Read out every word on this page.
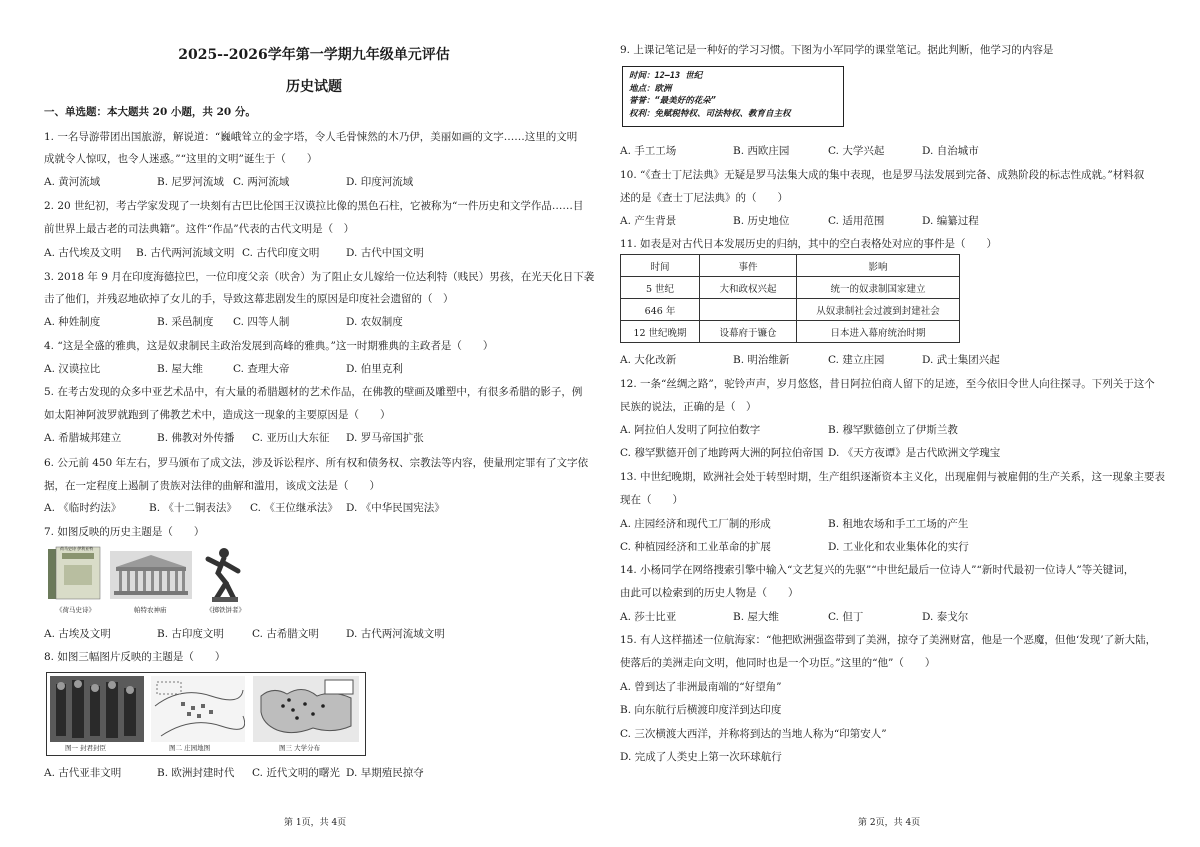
2025--2026学年第一学期九年级单元评估
历史试题
一、单选题：本大题共 20 小题，共 20 分。
1. 一名导游带团出国旅游，解说道：“巍峨耸立的金字塔，令人毛骨悚然的木乃伊，美丽如画的文字……这里的文明
成就令人惊叹，也令人迷惑。”“这里的文明”诞生于（　　）
A. 黄河流域	B. 尼罗河流域 C. 两河流域	D. 印度河流域
2. 20 世纪初，考古学家发现了一块刻有古巴比伦国王汉谟拉比像的黑色石柱，它被称为“一件历史和文学作品……目
前世界上最古老的司法典籍”。这件“作品”代表的古代文明是（　）
A. 古代埃及文明 B. 古代两河流域文明 C. 古代印度文明	D. 古代中国文明
3. 2018 年 9 月在印度海德拉巴，一位印度父亲（吠舍）为了阻止女儿嫁给一位达利特（贱民）男孩，在光天化日下袭
击了他们，并残忍地砍掉了女儿的手，导致这幕悲剧发生的原因是印度社会遗留的（　）
A. 种姓制度	B. 采邑制度 C. 四等人制	D. 农奴制度
4. “这是全盛的雅典，这是奴隶制民主政治发展到高峰的雅典。”这一时期雅典的主政者是（　　）
A. 汉谟拉比	B. 屋大维	C. 查理大帝	D. 伯里克利
5. 在考古发现的众多中亚艺术品中，有大量的希腊题材的艺术作品，在佛教的壁画及雕塑中，有很多希腊的影子，例
如太阳神阿波罗就跑到了佛教艺术中，造成这一现象的主要原因是（　　）
A. 希腊城邦建立	B. 佛教对外传播 C. 亚历山大东征 D. 罗马帝国扩张
6. 公元前 450 年左右，罗马颁布了成文法，涉及诉讼程序、所有权和债务权、宗教法等内容，使量刑定罪有了文字依
据，在一定程度上遏制了贵族对法律的曲解和滥用，该成文法是（　　）
A. 《临时约法》	B. 《十二铜表法》 C. 《王位继承法》 D. 《中华民国宪法》
7. 如图反映的历史主题是（　　）
荷马史诗 伊利亚特
《荷马史诗》	帕特农神庙	《掷铁饼者》
A. 古埃及文明	B. 古印度文明	C. 古希腊文明	D. 古代两河流域文明
8. 如图三幅图片反映的主题是（　　）
图一 封君封臣	图二 庄园地图	图三 大学分布
A. 古代亚非文明	B. 欧洲封建时代 C. 近代文明的曙光 D. 早期殖民掠夺
第 1页，共 4页
9. 上课记笔记是一种好的学习习惯。下图为小军同学的课堂笔记。据此判断，他学习的内容是
时间：12—13 世纪
地点：欧洲
誉誉：“最美好的花朵”
权利：免赋税特权、司法特权、教育自主权
A. 手工工场	B. 西欧庄园	C. 大学兴起	D. 自治城市
10. “《查士丁尼法典》无疑是罗马法集大成的集中表现，也是罗马法发展到完备、成熟阶段的标志性成就。”材料叙
述的是《查士丁尼法典》的（　　）
A. 产生背景	B. 历史地位	C. 适用范围	D. 编纂过程
11. 如表是对古代日本发展历史的归纳，其中的空白表格处对应的事件是（　　）
时间	事件	影响
5 世纪	大和政权兴起	统一的奴隶制国家建立
646 年		从奴隶制社会过渡到封建社会
12 世纪晚期	设幕府于镰仓	日本进入幕府统治时期
A. 大化改新	B. 明治维新	C. 建立庄园	D. 武士集团兴起
12. 一条“丝绸之路”，驼铃声声，岁月悠悠，昔日阿拉伯商人留下的足迹，至今依旧令世人向往探寻。下列关于这个
民族的说法，正确的是（　）
A. 阿拉伯人发明了阿拉伯数字	B. 穆罕默德创立了伊斯兰教
C. 穆罕默德开创了地跨两大洲的阿拉伯帝国 D. 《天方夜谭》是古代欧洲文学瑰宝
13. 中世纪晚期，欧洲社会处于转型时期，生产组织逐渐资本主义化，出现雇佣与被雇佣的生产关系，这一现象主要表
现在（　　）
A. 庄园经济和现代工厂制的形成	B. 租地农场和手工工场的产生
C. 种植园经济和工业革命的扩展	D. 工业化和农业集体化的实行
14. 小杨同学在网络搜索引擎中输入“文艺复兴的先驱”“中世纪最后一位诗人”“新时代最初一位诗人”等关键词，
由此可以检索到的历史人物是（　　）
A. 莎士比亚	B. 屋大维	C. 但丁	D. 泰戈尔
15. 有人这样描述一位航海家：“他把欧洲强盗带到了美洲，掠夺了美洲财富，他是一个恶魔，但他‘发现’了新大陆，
使落后的美洲走向文明，他同时也是一个功臣。”这里的“他”（　　）
A. 曾到达了非洲最南端的“好望角”
B. 向东航行后横渡印度洋到达印度
C. 三次横渡大西洋，并称将到达的当地人称为“印第安人”
D. 完成了人类史上第一次环球航行
第 2页，共 4页
